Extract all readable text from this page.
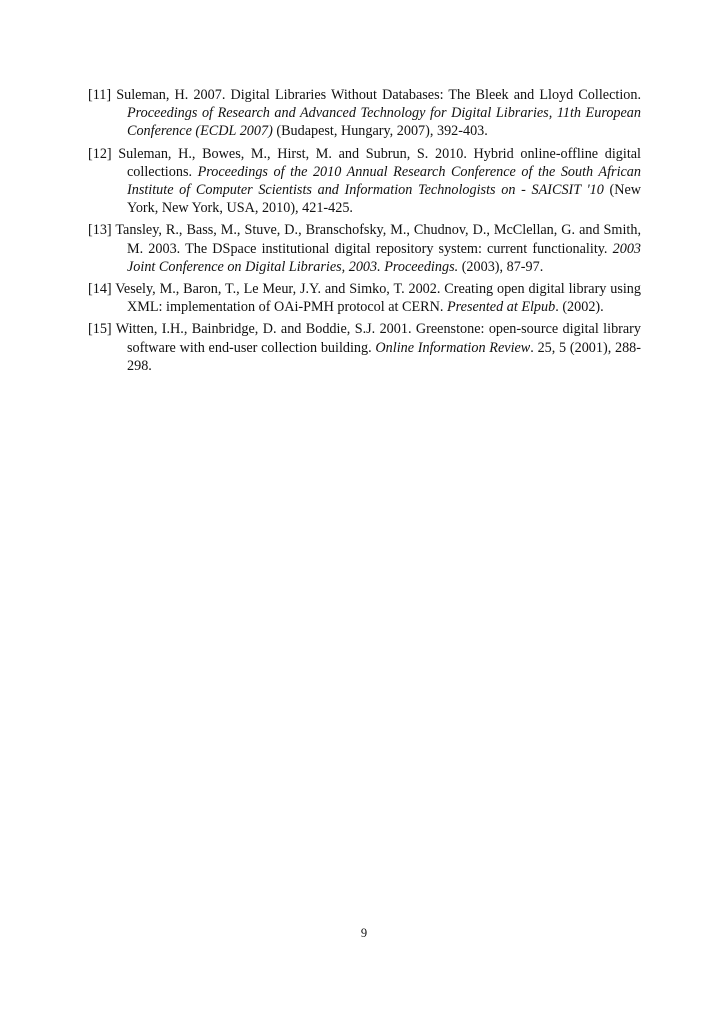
[11] Suleman, H. 2007. Digital Libraries Without Databases: The Bleek and Lloyd Collection. Proceedings of Research and Advanced Technology for Digital Libraries, 11th European Conference (ECDL 2007) (Budapest, Hungary, 2007), 392-403.

[12] Suleman, H., Bowes, M., Hirst, M. and Subrun, S. 2010. Hybrid online-offline digital collections. Proceedings of the 2010 Annual Research Conference of the South African Institute of Computer Scientists and Information Technologists on - SAICSIT '10 (New York, New York, USA, 2010), 421-425.

[13] Tansley, R., Bass, M., Stuve, D., Branschofsky, M., Chudnov, D., McClellan, G. and Smith, M. 2003. The DSpace institutional digital repository system: current functionality. 2003 Joint Conference on Digital Libraries, 2003. Proceedings. (2003), 87-97.

[14] Vesely, M., Baron, T., Le Meur, J.Y. and Simko, T. 2002. Creating open digital library using XML: implementation of OAi-PMH protocol at CERN. Presented at Elpub. (2002).

[15] Witten, I.H., Bainbridge, D. and Boddie, S.J. 2001. Greenstone: open-source digital library software with end-user collection building. Online Information Review. 25, 5 (2001), 288-298.

9
